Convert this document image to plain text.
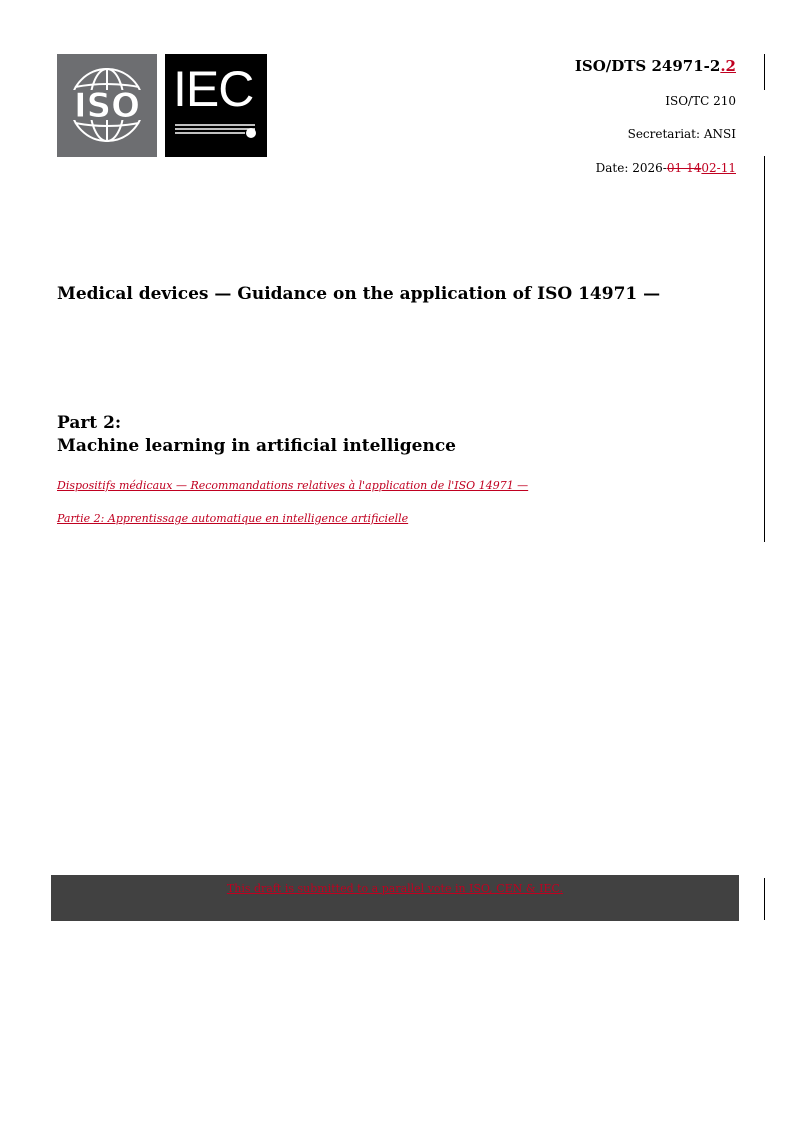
ISO IEC	ISO/DTS 24971-2.2
ISO/TC 210
Secretariat: ANSI
Date: 2026-01-1402-11
Medical devices — Guidance on the application of ISO 14971 —
Part 2:
Machine learning in artificial intelligence

Dispositifs médicaux — Recommandations relatives à l'application de l'ISO 14971 —

Partie 2: Apprentissage automatique en intelligence artificielle

This draft is submitted to a parallel vote in ISO, CEN & IEC.
